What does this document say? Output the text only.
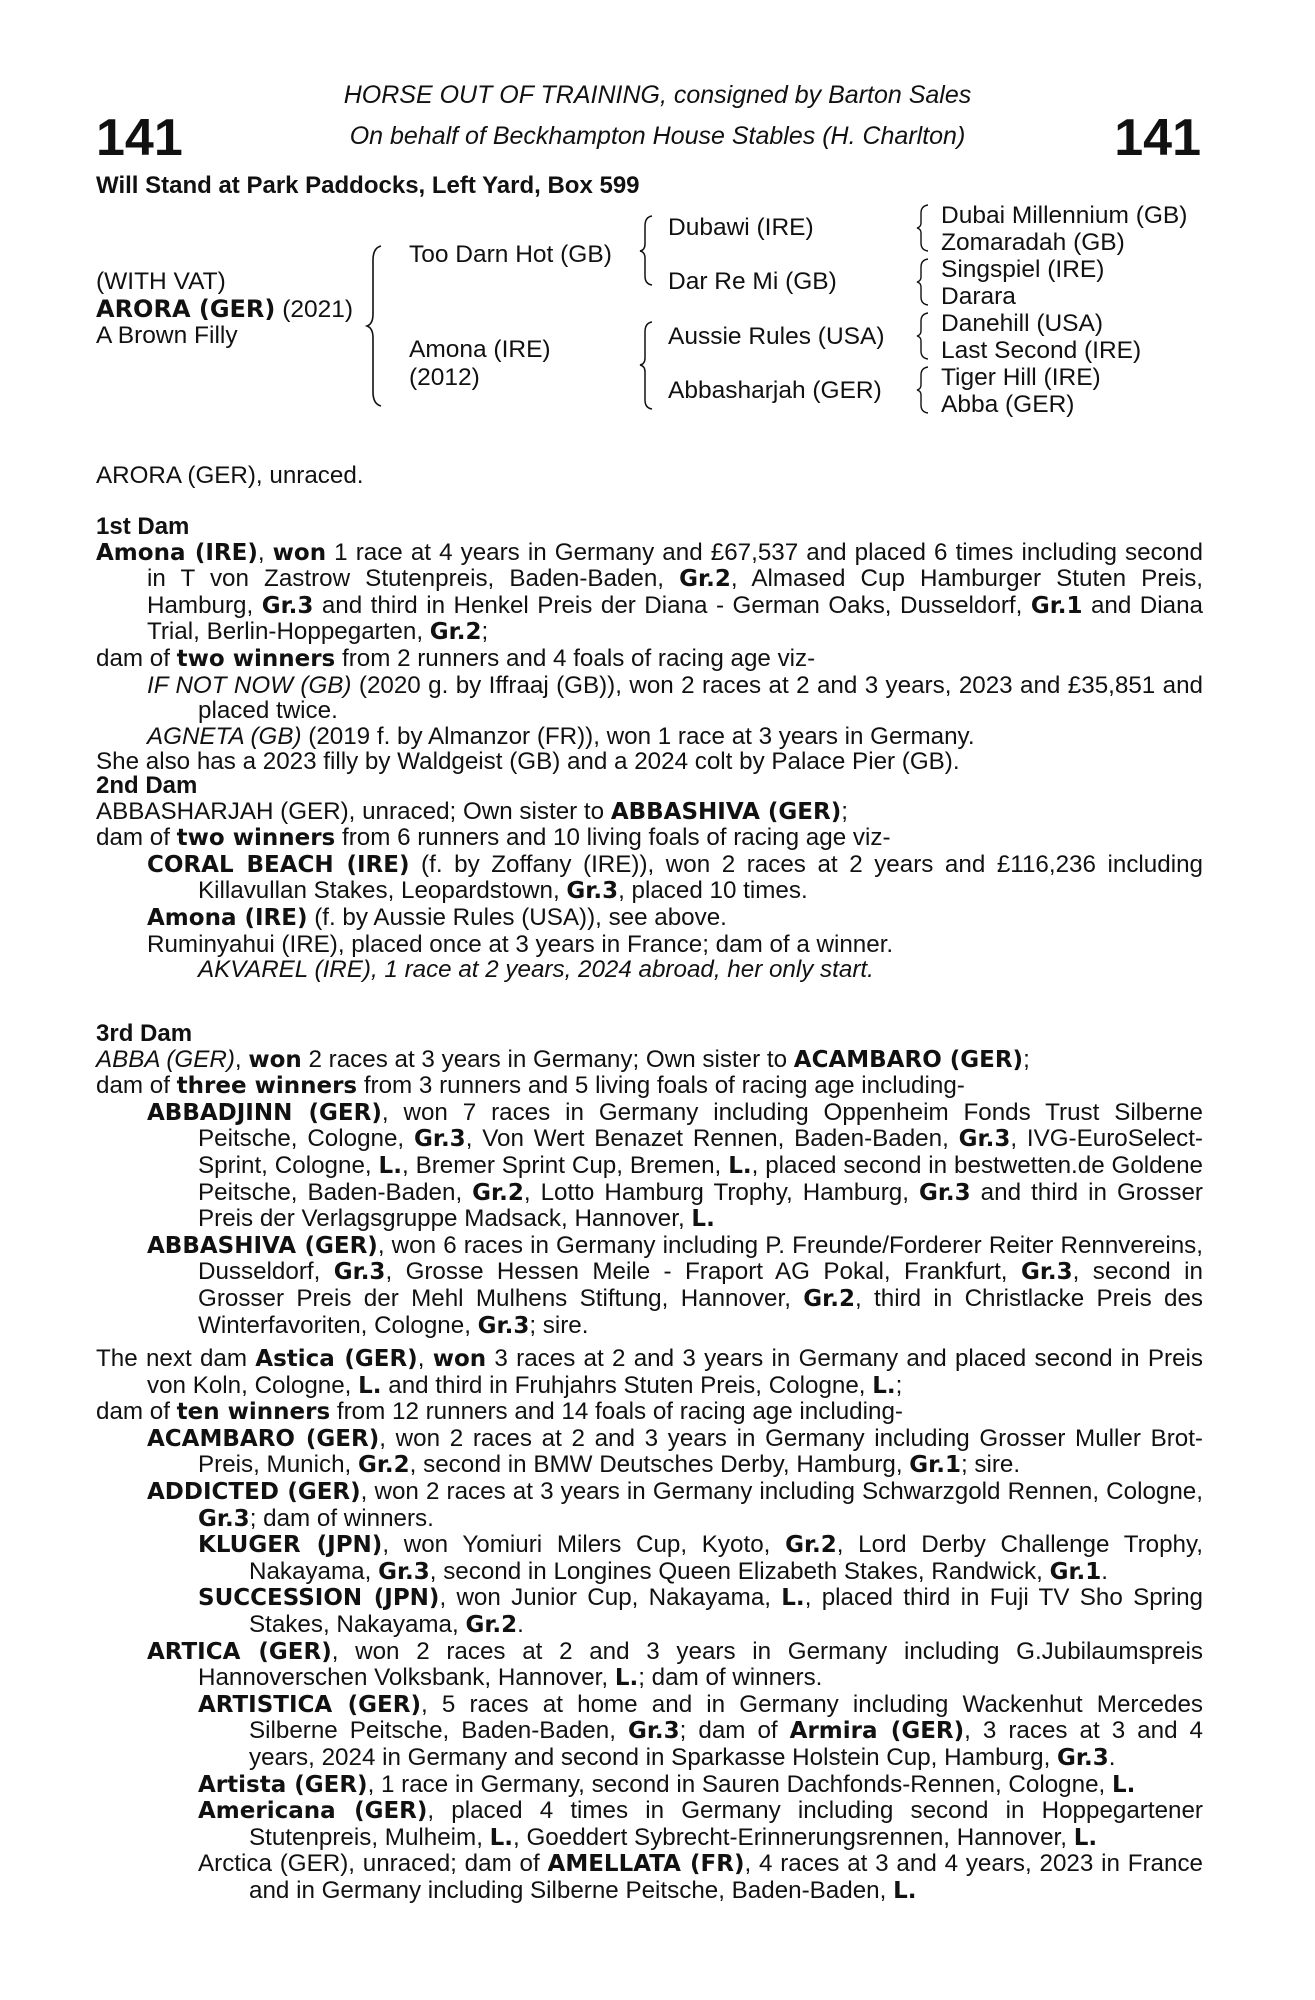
HORSE OUT OF TRAINING, consigned by Barton Sales
On behalf of Beckhampton House Stables (H. Charlton)
141	141
Will Stand at Park Paddocks, Left Yard, Box 599
(WITH VAT)
ARORA (GER) (2021)
A Brown Filly
Too Darn Hot (GB)
Amona (IRE)
(2012)
Dubawi (IRE)
Dar Re Mi (GB)
Aussie Rules (USA)
Abbasharjah (GER)
Dubai Millennium (GB)
Zomaradah (GB)
Singspiel (IRE)
Darara
Danehill (USA)
Last Second (IRE)
Tiger Hill (IRE)
Abba (GER)
ARORA (GER), unraced.
1st Dam

Amona (IRE), won 1 race at 4 years in Germany and £67,537 and placed 6 times including second in T von Zastrow Stutenpreis, Baden-Baden, Gr.2, Almased Cup Hamburger Stuten Preis, Hamburg, Gr.3 and third in Henkel Preis der Diana - German Oaks, Dusseldorf, Gr.1 and Diana Trial, Berlin-Hoppegarten, Gr.2;

dam of two winners from 2 runners and 4 foals of racing age viz-

IF NOT NOW (GB) (2020 g. by Iffraaj (GB)), won 2 races at 2 and 3 years, 2023 and £35,851 and placed twice.

AGNETA (GB) (2019 f. by Almanzor (FR)), won 1 race at 3 years in Germany.

She also has a 2023 filly by Waldgeist (GB) and a 2024 colt by Palace Pier (GB).

2nd Dam

ABBASHARJAH (GER), unraced; Own sister to ABBASHIVA (GER);

dam of two winners from 6 runners and 10 living foals of racing age viz-

CORAL BEACH (IRE) (f. by Zoffany (IRE)), won 2 races at 2 years and £116,236 including Killavullan Stakes, Leopardstown, Gr.3, placed 10 times.

Amona (IRE) (f. by Aussie Rules (USA)), see above.

Ruminyahui (IRE), placed once at 3 years in France; dam of a winner.

AKVAREL (IRE), 1 race at 2 years, 2024 abroad, her only start.

3rd Dam

ABBA (GER), won 2 races at 3 years in Germany; Own sister to ACAMBARO (GER);

dam of three winners from 3 runners and 5 living foals of racing age including-

ABBADJINN (GER), won 7 races in Germany including Oppenheim Fonds Trust Silberne Peitsche, Cologne, Gr.3, Von Wert Benazet Rennen, Baden-Baden, Gr.3, IVG-EuroSelect-Sprint, Cologne, L., Bremer Sprint Cup, Bremen, L., placed second in bestwetten.de Goldene Peitsche, Baden-Baden, Gr.2, Lotto Hamburg Trophy, Hamburg, Gr.3 and third in Grosser Preis der Verlagsgruppe Madsack, Hannover, L.

ABBASHIVA (GER), won 6 races in Germany including P. Freunde/Forderer Reiter Rennvereins, Dusseldorf, Gr.3, Grosse Hessen Meile - Fraport AG Pokal, Frankfurt, Gr.3, second in Grosser Preis der Mehl Mulhens Stiftung, Hannover, Gr.2, third in Christlacke Preis des Winterfavoriten, Cologne, Gr.3; sire.

The next dam Astica (GER), won 3 races at 2 and 3 years in Germany and placed second in Preis von Koln, Cologne, L. and third in Fruhjahrs Stuten Preis, Cologne, L.;

dam of ten winners from 12 runners and 14 foals of racing age including-

ACAMBARO (GER), won 2 races at 2 and 3 years in Germany including Grosser Muller Brot-Preis, Munich, Gr.2, second in BMW Deutsches Derby, Hamburg, Gr.1; sire.

ADDICTED (GER), won 2 races at 3 years in Germany including Schwarzgold Rennen, Cologne, Gr.3; dam of winners.

KLUGER (JPN), won Yomiuri Milers Cup, Kyoto, Gr.2, Lord Derby Challenge Trophy, Nakayama, Gr.3, second in Longines Queen Elizabeth Stakes, Randwick, Gr.1.

SUCCESSION (JPN), won Junior Cup, Nakayama, L., placed third in Fuji TV Sho Spring Stakes, Nakayama, Gr.2.

ARTICA (GER), won 2 races at 2 and 3 years in Germany including G.Jubilaumspreis Hannoverschen Volksbank, Hannover, L.; dam of winners.

ARTISTICA (GER), 5 races at home and in Germany including Wackenhut Mercedes Silberne Peitsche, Baden-Baden, Gr.3; dam of Armira (GER), 3 races at 3 and 4 years, 2024 in Germany and second in Sparkasse Holstein Cup, Hamburg, Gr.3.

Artista (GER), 1 race in Germany, second in Sauren Dachfonds-Rennen, Cologne, L.

Americana (GER), placed 4 times in Germany including second in Hoppegartener Stutenpreis, Mulheim, L., Goeddert Sybrecht-Erinnerungsrennen, Hannover, L.

Arctica (GER), unraced; dam of AMELLATA (FR), 4 races at 3 and 4 years, 2023 in France and in Germany including Silberne Peitsche, Baden-Baden, L.
